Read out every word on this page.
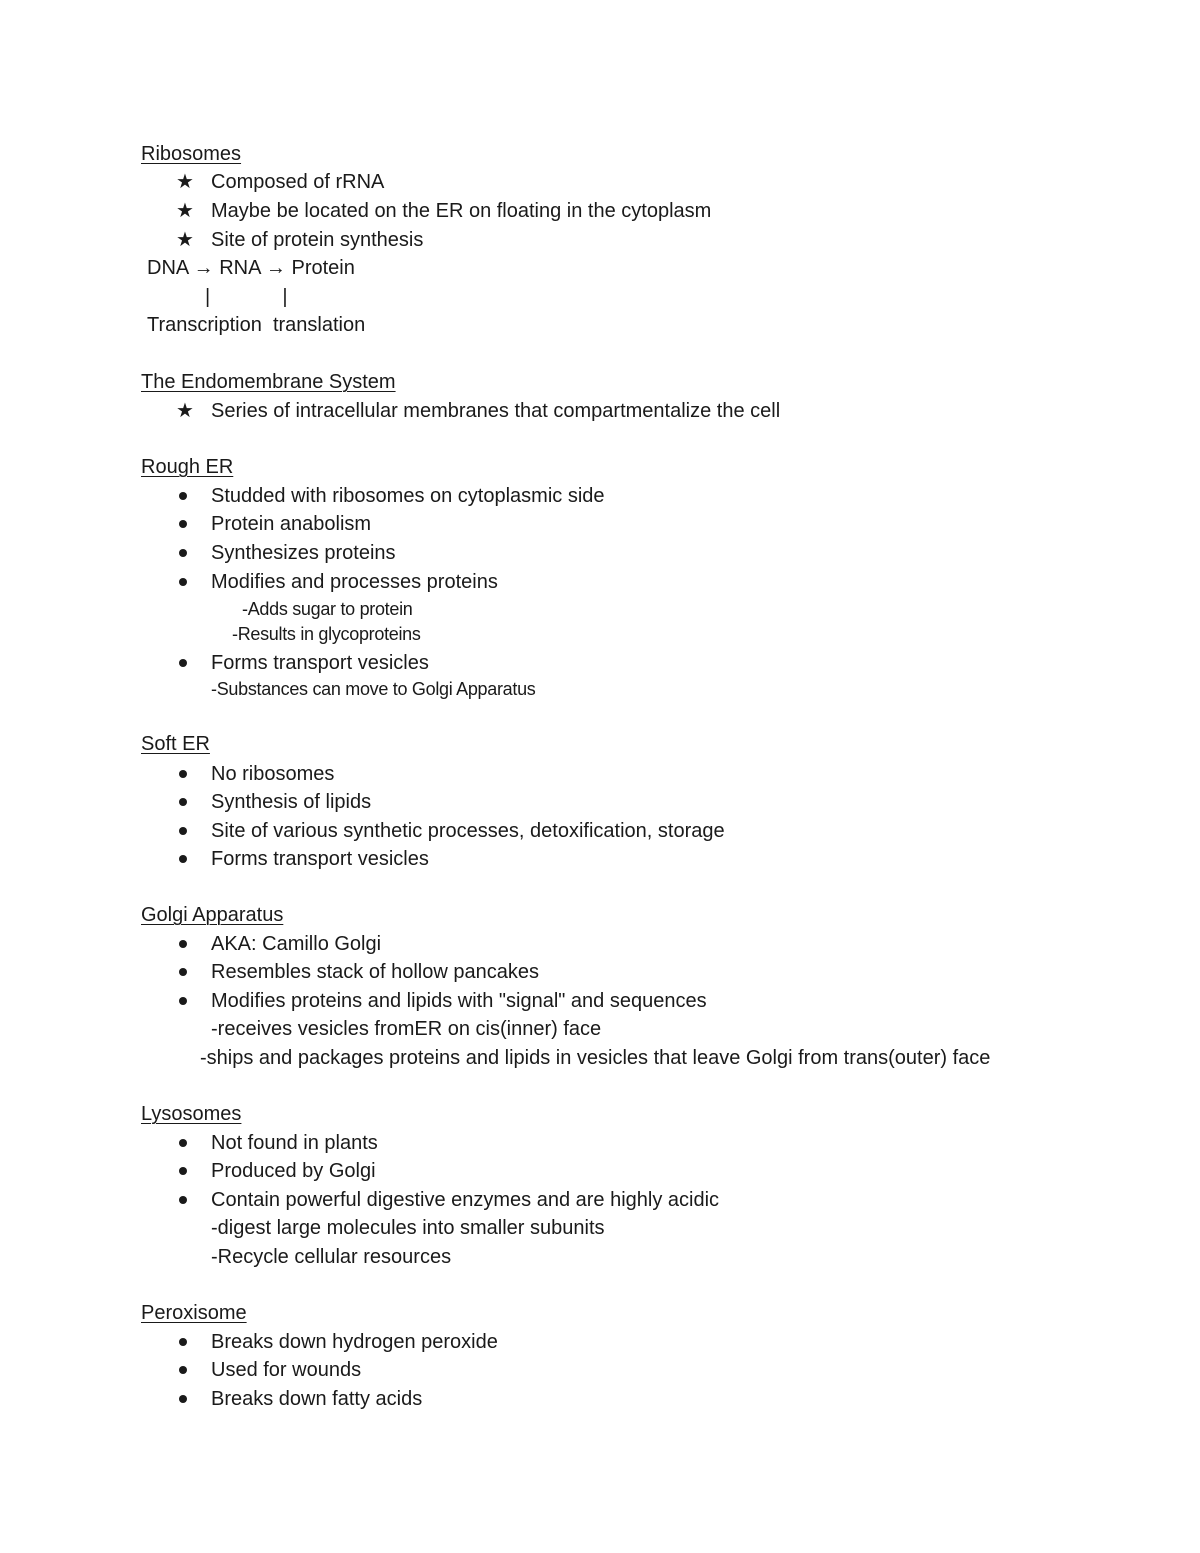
Ribosomes
★ Composed of rRNA
★ Maybe be located on the ER on floating in the cytoplasm
★ Site of protein synthesis
DNA → RNA → Protein
|             |
Transcription  translation
The Endomembrane System
★ Series of intracellular membranes that compartmentalize the cell
Rough ER
Studded with ribosomes on cytoplasmic side
Protein anabolism
Synthesizes proteins
Modifies and processes proteins
-Adds sugar to protein
-Results in glycoproteins
Forms transport vesicles
-Substances can move to Golgi Apparatus
Soft ER
No ribosomes
Synthesis of lipids
Site of various synthetic processes, detoxification, storage
Forms transport vesicles
Golgi Apparatus
AKA: Camillo Golgi
Resembles stack of hollow pancakes
Modifies proteins and lipids with "signal" and sequences
-receives vesicles fromER on cis(inner) face
-ships and packages proteins and lipids in vesicles that leave Golgi from trans(outer) face
Lysosomes
Not found in plants
Produced by Golgi
Contain powerful digestive enzymes and are highly acidic
-digest large molecules into smaller subunits
-Recycle cellular resources
Peroxisome
Breaks down hydrogen peroxide
Used for wounds
Breaks down fatty acids
